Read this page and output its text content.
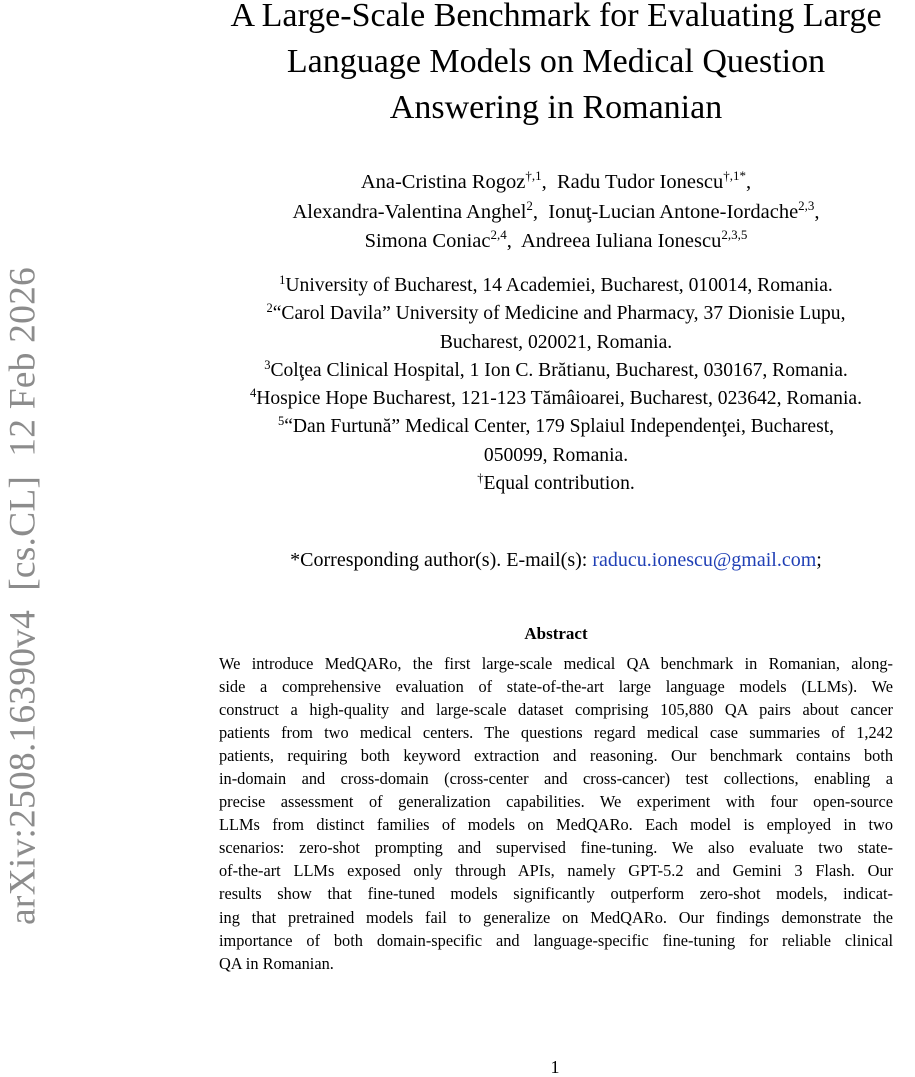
arXiv:2508.16390v4  [cs.CL]  12 Feb 2026
A Large-Scale Benchmark for Evaluating Large
Language Models on Medical Question
Answering in Romanian
Ana-Cristina Rogoz$^{\dagger,1}$,  Radu Tudor Ionescu$^{\dagger,1*}$,
Alexandra-Valentina Anghel$^2$,  Ionuţ-Lucian Antone-Iordache$^{2,3}$,
Simona Coniac$^{2,4}$,  Andreea Iuliana Ionescu$^{2,3,5}$
$^1$University of Bucharest, 14 Academiei, Bucharest, 010014, Romania.
$^2$“Carol Davila” University of Medicine and Pharmacy, 37 Dionisie Lupu,
Bucharest, 020021, Romania.
$^3$Colţea Clinical Hospital, 1 Ion C. Brătianu, Bucharest, 030167, Romania.
$^4$Hospice Hope Bucharest, 121-123 Tămâioarei, Bucharest, 023642, Romania.
$^5$“Dan Furtună” Medical Center, 179 Splaiul Independenţei, Bucharest,
050099, Romania.
†Equal contribution.
*Corresponding author(s). E-mail(s): raducu.ionescu@gmail.com;
Abstract
We introduce MedQARo, the first large-scale medical QA benchmark in Romanian, along-
side a comprehensive evaluation of state-of-the-art large language models (LLMs). We
construct a high-quality and large-scale dataset comprising 105,880 QA pairs about cancer
patients from two medical centers. The questions regard medical case summaries of 1,242
patients, requiring both keyword extraction and reasoning. Our benchmark contains both
in-domain and cross-domain (cross-center and cross-cancer) test collections, enabling a
precise assessment of generalization capabilities. We experiment with four open-source
LLMs from distinct families of models on MedQARo. Each model is employed in two
scenarios: zero-shot prompting and supervised fine-tuning. We also evaluate two state-
of-the-art LLMs exposed only through APIs, namely GPT-5.2 and Gemini 3 Flash. Our
results show that fine-tuned models significantly outperform zero-shot models, indicat-
ing that pretrained models fail to generalize on MedQARo. Our findings demonstrate the
importance of both domain-specific and language-specific fine-tuning for reliable clinical
QA in Romanian.
1
